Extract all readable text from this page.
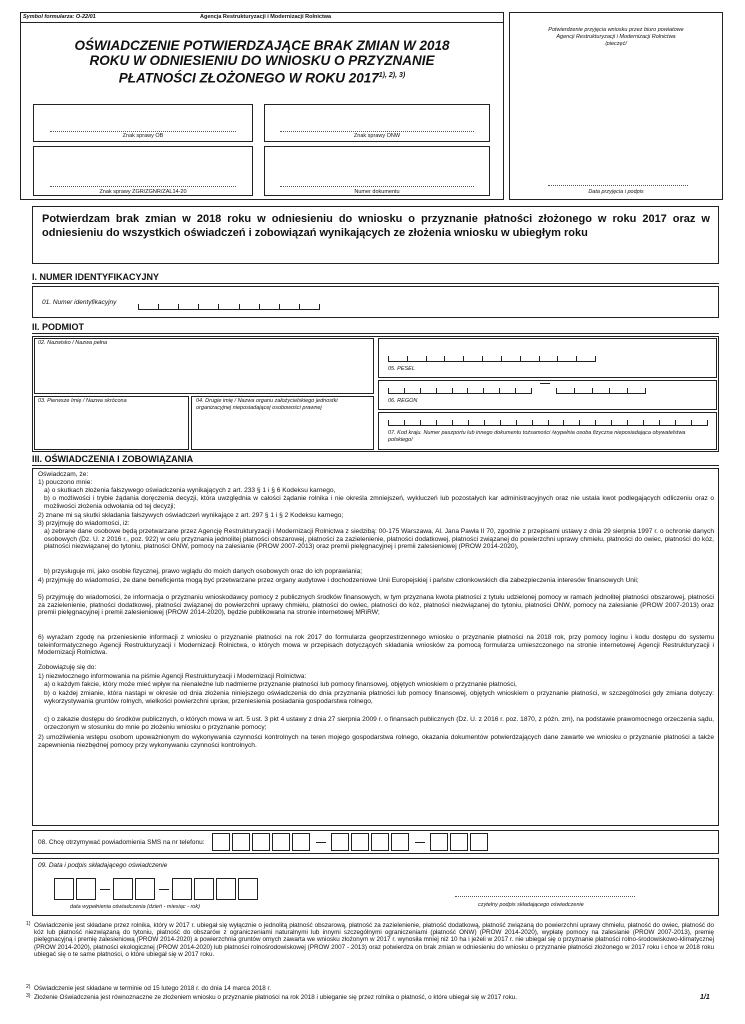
Symbol formularza: O-22/01	Agencja Restrukturyzacji i Modernizacji Rolnictwa
OŚWIADCZENIE POTWIERDZAJĄCE BRAK ZMIAN W 2018
ROKU W ODNIESIENIU DO WNIOSKU O PRZYZNANIE
PŁATNOŚCI ZŁOŻONEGO W ROKU $2017^{1), 2), 3)}$
Znak sprawy OB	Znak sprawy ONW
Znak sprawy ZGR/ZGNR/ZAL14-20	Numer dokumentu
Potwierdzenie przyjęcia wniosku przez biuro powiatowe
Agencji Restrukturyzacji i Modernizacji Rolnictwa
/pieczęć/
Data przyjęcia i podpis
Potwierdzam brak zmian w 2018 roku w odniesieniu do wniosku o przyznanie płatności złożonego w roku 2017 oraz w odniesieniu do wszystkich oświadczeń i zobowiązań wynikających ze złożenia wniosku w ubiegłym roku
I. NUMER IDENTYFIKACYJNY
01. Numer identyfikacyjny
II. PODMIOT
02. Nazwisko / Nazwa pełna
03. Pierwsze Imię / Nazwa skrócona	04. Drugie imię / Nazwa organu założycielskiego jednostki organizacyjnej nieposiadającej osobowości prawnej
05. PESEL
06. REGON
07. Kod kraju. Numer paszportu lub innego dokumentu tożsamości /wypełnia osoba fizyczna nieposiadająca obywatelstwa polskiego/
III. OŚWIADCZENIA I ZOBOWIĄZANIA
Oświadczam, że:
1) pouczono mnie:
a) o skutkach złożenia fałszywego oświadczenia wynikających z art. 233 § 1 i § 6 Kodeksu karnego,
b) o możliwości i trybie żądania doręczenia decyzji, która uwzględnia w całości żądanie rolnika i nie określa zmniejszeń, wykluczeń lub pozostałych kar administracyjnych oraz nie ustala kwot podlegających odliczeniu oraz o możliwości złożenia odwołania od tej decyzji;
2) znane mi są skutki składania fałszywych oświadczeń wynikające z art. 297 § 1 i § 2 Kodeksu karnego;
3) przyjmuję do wiadomości, iż:
a) zebrane dane osobowe będą przetwarzane przez Agencję Restrukturyzacji i Modernizacji Rolnictwa z siedzibą: 00-175 Warszawa, Al. Jana Pawła II 70, zgodnie z przepisami ustawy z dnia 29 sierpnia 1997 r. o ochronie danych osobowych (Dz. U. z 2016 r., poz. 922) w celu przyznania jednolitej płatności obszarowej, płatności za zazielenienie, płatności dodatkowej, płatności związanej do powierzchni uprawy chmielu, płatności do owiec, płatności do kóz, płatności niezwiązanej do tytoniu, płatności ONW, pomocy na zalesianie (PROW 2007-2013) oraz premii pielęgnacyjnej i premii zalesieniowej (PROW 2014-2020),
b) przysługuje mi, jako osobie fizycznej, prawo wglądu do moich danych osobowych oraz do ich poprawiania;
4) przyjmuję do wiadomości, że dane beneficjenta mogą być przetwarzane przez organy audytowe i dochodzeniowe Unii Europejskiej i państw członkowskich dla zabezpieczenia interesów finansowych Unii;
5) przyjmuję do wiadomości, że informacja o przyznaniu wnioskodawcy pomocy z publicznych środków finansowych, w tym przyznana kwota płatności z tytułu udzielonej pomocy w ramach jednolitej płatności obszarowej, płatności za zazielenienie, płatności dodatkowej, płatności związanej do powierzchni uprawy chmielu, płatności do owiec, płatności do kóz, płatności niezwiązanej do tytoniu, płatności ONW, pomocy na zalesianie (PROW 2007-2013) oraz premii pielęgnacyjnej i premii zalesieniowej (PROW 2014-2020), będzie publikowana na stronie internetowej MRiRW;
6) wyrażam zgodę na przeniesienie informacji z wniosku o przyznanie płatności na rok 2017 do formularza geoprzestrzennego wniosku o przyznanie płatności na 2018 rok, przy pomocy loginu i kodu dostępu do systemu teleinformatycznego Agencji Restrukturyzacji i Modernizacji Rolnictwa, o których mowa w przepisach dotyczących składania wniosków za pomocą formularza umieszczonego na stronie internetowej Agencji Restrukturyzacji i Modernizacji Rolnictwa.
Zobowiązuję się do:
1) niezwłocznego informowania na piśmie Agencji Restrukturyzacji i Modernizacji Rolnictwa:
a) o każdym fakcie, który może mieć wpływ na nienależne lub nadmierne przyznanie płatności lub pomocy finansowej, objętych wnioskiem o przyznanie płatności,
b) o każdej zmianie, która nastąpi w okresie od dnia złożenia niniejszego oświadczenia do dnia przyznania płatności lub pomocy finansowej, objętych wnioskiem o przyznanie płatności, w szczególności gdy zmiana dotyczy: wykorzystywania gruntów rolnych, wielkości powierzchni upraw, przeniesienia posiadania gospodarstwa rolnego,
c) o zakazie dostępu do środków publicznych, o których mowa w art. 5 ust. 3 pkt 4 ustawy z dnia 27 sierpnia 2009 r. o finansach publicznych (Dz. U. z 2016 r. poz. 1870, z późn. zm), na podstawie prawomocnego orzeczenia sądu, orzeczonym w stosunku do mnie po złożeniu wniosku o przyznanie pomocy;
2) umożliwienia wstępu osobom upoważnionym do wykonywania czynności kontrolnych na teren mojego gospodarstwa rolnego, okazania dokumentów potwierdzających dane zawarte we wniosku o przyznanie płatności a także zapewnienia niezbędnej pomocy przy wykonywaniu czynności kontrolnych.
08. Chcę otrzymywać powiadomienia SMS na nr telefonu:
09. Data i podpis składającego oświadczenie
data wypełnienia oświadczenia (dzień - miesiąc - rok)	czytelny podpis składającego oświadczenie
1) Oświadczenie jest składane przez rolnika, który w 2017 r. ubiegał się wyłącznie o jednolitą płatność obszarową, płatność za zazielenienie, płatność dodatkową, płatność związaną do powierzchni uprawy chmielu, płatność do owiec, płatność do kóz lub płatność niezwiązaną do tytoniu, płatność do obszarów z ograniczeniami naturalnymi lub innymi szczególnymi ograniczeniami (płatność ONW) (PROW 2014-2020), wypłatę pomocy na zalesianie (PROW 2007-2013), premię pielęgnacyjną i premię zalesieniową (PROW 2014-2020) a powierzchnia gruntów ornych zawarta we wniosku złożonym w 2017 r. wynosiła mniej niż 10 ha i jeżeli w 2017 r. nie ubiegał się o przyznanie płatności rolno-środowiskowo-klimatycznej (PROW 2014-2020), płatności ekologicznej (PROW 2014-2020) lub płatności rolnośrodowiskowej (PROW 2007 - 2013) oraz potwierdza on brak zmian w odniesieniu do wniosku o przyznanie płatności złożonego w 2017 roku i chce w 2018 roku ubiegać się o te same płatności, o które ubiegał się w 2017 roku.
2) Oświadczenie jest składane w terminie od 15 lutego 2018 r. do dnia 14 marca 2018 r.
3) Złożenie Oświadczenia jest równoznaczne ze złożeniem wniosku o przyznanie płatności na rok 2018 i ubieganie się przez rolnika o płatność, o które ubiegał się w 2017 roku.	1/1
